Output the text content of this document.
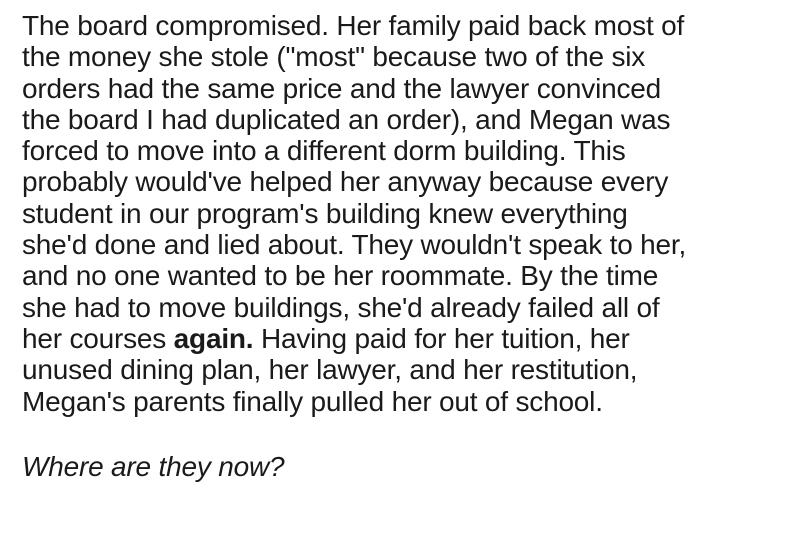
The board compromised. Her family paid back most of
the money she stole ("most" because two of the six
orders had the same price and the lawyer convinced
the board I had duplicated an order), and Megan was
forced to move into a different dorm building. This
probably would've helped her anyway because every
student in our program's building knew everything
she'd done and lied about. They wouldn't speak to her,
and no one wanted to be her roommate. By the time
she had to move buildings, she'd already failed all of
her courses again. Having paid for her tuition, her
unused dining plan, her lawyer, and her restitution,
Megan's parents finally pulled her out of school.

Where are they now?
